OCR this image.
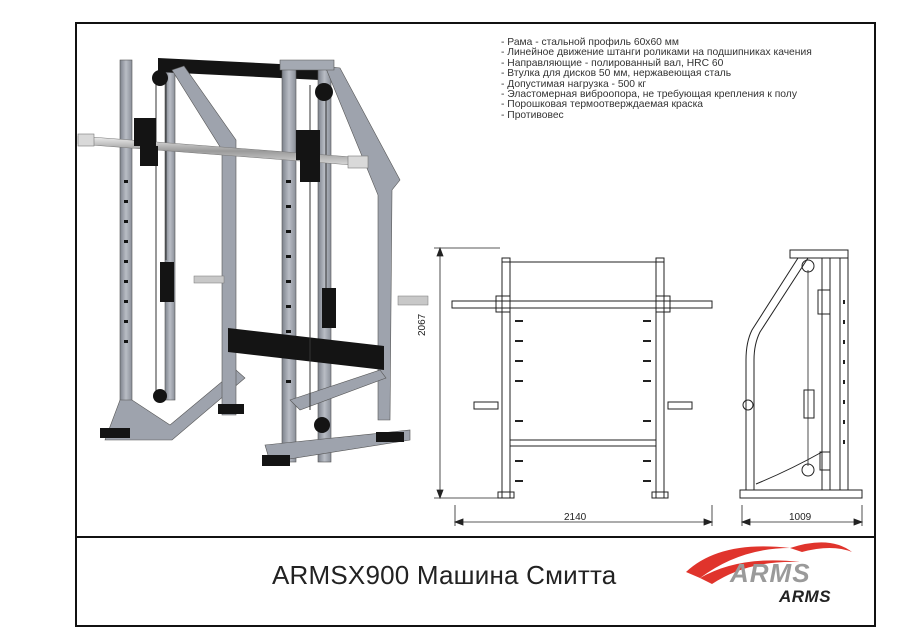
- Рама - стальной профиль 60х60 мм
- Линейное движение штанги роликами на подшипниках качения
- Направляющие - полированный вал, HRC 60
- Втулка для дисков 50 мм, нержавеющая сталь
- Допустимая нагрузка - 500 кг
- Эластомерная виброопора, не требующая крепления к полу
- Порошковая термоотверждаемая краска
- Противовес
2067
2140	1009
ARMSX900 Машина Смитта	ARMS
ARMS
